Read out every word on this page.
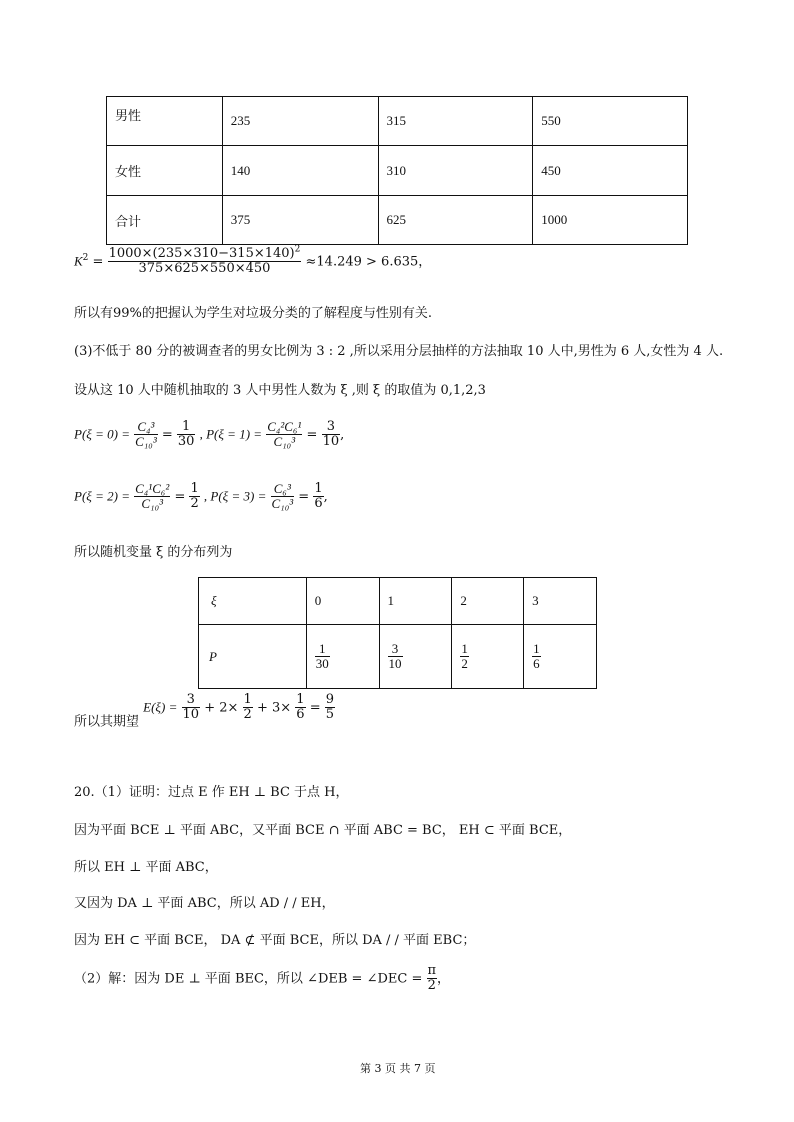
男性	235	315	550
女性	140	310	450
合计	375	625	1000
$K^2 = \frac{1000\times(235\times 310-315\times 140)^2}{375\times 625\times 550\times 450} \approx 14.249 > 6.635$，
所以有99%的把握认为学生对垃圾分类的了解程度与性别有关.
(3)不低于 80 分的被调查者的男女比例为 3 : 2 ,所以采用分层抽样的方法抽取 10 人中,男性为 6 人,女性为 4 人.
设从这 10 人中随机抽取的 3 人中男性人数为 ξ ,则 ξ 的取值为 0,1,2,3
$P(\xi = 0) = \frac{\text{C₄³}}{\text{C₁₀³}} = \frac{1}{30}$ , $P(\xi = 1) = \frac{\text{C₄²C₆¹}}{\text{C₁₀³}} = \frac{3}{10}$ ,
$P(\xi = 2) = \frac{\text{C₄¹C₆²}}{\text{C₁₀³}} = \frac{1}{2}$ , $P(\xi = 3) = \frac{\text{C₆³}}{\text{C₁₀³}} = \frac{1}{6}$ ,
所以随机变量 ξ 的分布列为
ξ	0	1	2	3
P	$\frac{1}{30}$	$\frac{3}{10}$	$\frac{1}{2}$	$\frac{1}{6}$
所以其期望 $E(\xi) = \frac{3}{10} + 2\times \frac{1}{2} + 3\times \frac{1}{6} = \frac{9}{5}$
20.（1）证明：过点 E 作 EH ⊥ BC 于点 H，
因为平面 BCE ⊥ 平面 ABC，又平面 BCE ∩ 平面 ABC = BC， EH ⊂ 平面 BCE，
所以 EH ⊥ 平面 ABC，
又因为 DA ⊥ 平面 ABC，所以 AD / / EH，
因为 EH ⊂ 平面 BCE， DA ⊄ 平面 BCE，所以 DA / / 平面 EBC；
（2）解：因为 DE ⊥ 平面 BEC，所以 ∠DEB = ∠DEC = $\frac{\pi}{2}$ ，
第 3 页 共 7 页
